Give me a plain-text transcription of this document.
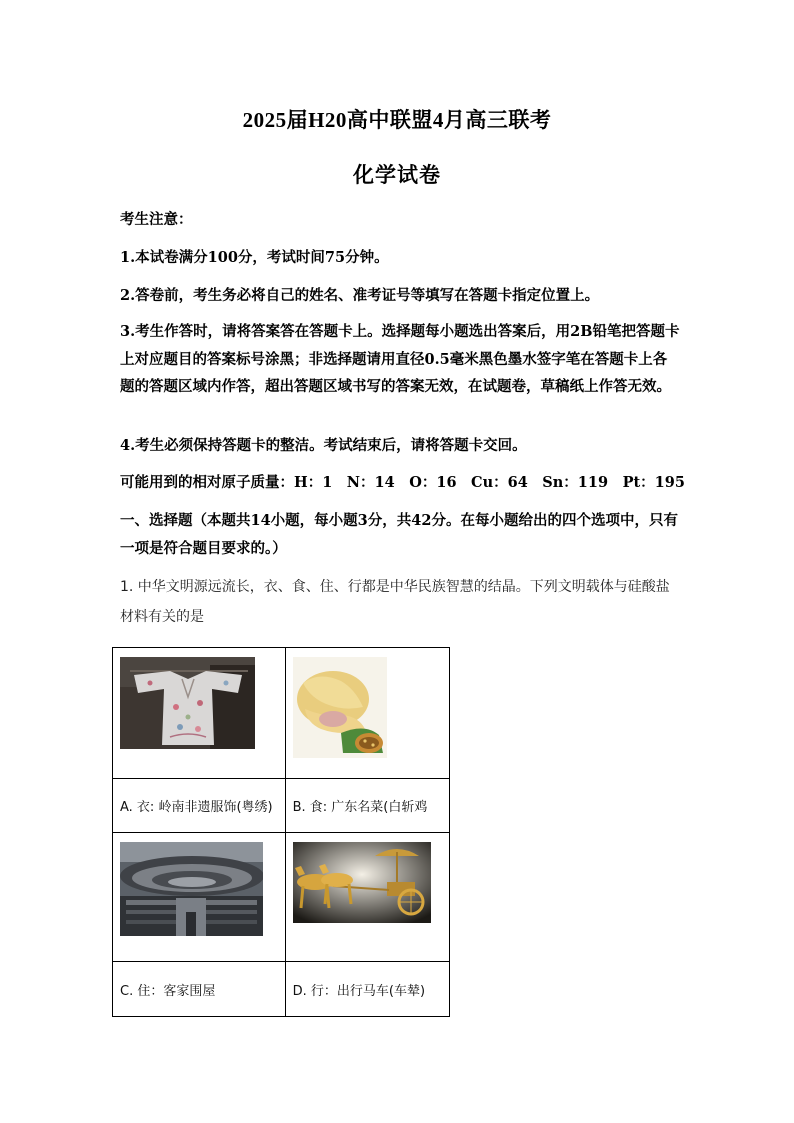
2025届H20高中联盟4月高三联考
化学试卷
考生注意：
1.本试卷满分100分，考试时间75分钟。
2.答卷前，考生务必将自己的姓名、准考证号等填写在答题卡指定位置上。
3.考生作答时，请将答案答在答题卡上。选择题每小题选出答案后，用2B铅笔把答题卡上对应题目的答案标号涂黑；非选择题请用直径0.5毫米黑色墨水签字笔在答题卡上各题的答题区域内作答，超出答题区域书写的答案无效，在试题卷，草稿纸上作答无效。
4.考生必须保持答题卡的整洁。考试结束后，请将答题卡交回。
可能用到的相对原子质量：H：1　N：14　O：16　Cu：64　Sn：119　Pt：195
一、选择题（本题共14小题，每小题3分，共42分。在每小题给出的四个选项中，只有一项是符合题目要求的。）
1. 中华文明源远流长，衣、食、住、行都是中华民族智慧的结晶。下列文明载体与硅酸盐材料有关的是

A. 衣: 岭南非遗服饰(粤绣)	B. 食: 广东名菜(白斩鸡

C. 住：客家围屋	D. 行：出行马车(车辇)
